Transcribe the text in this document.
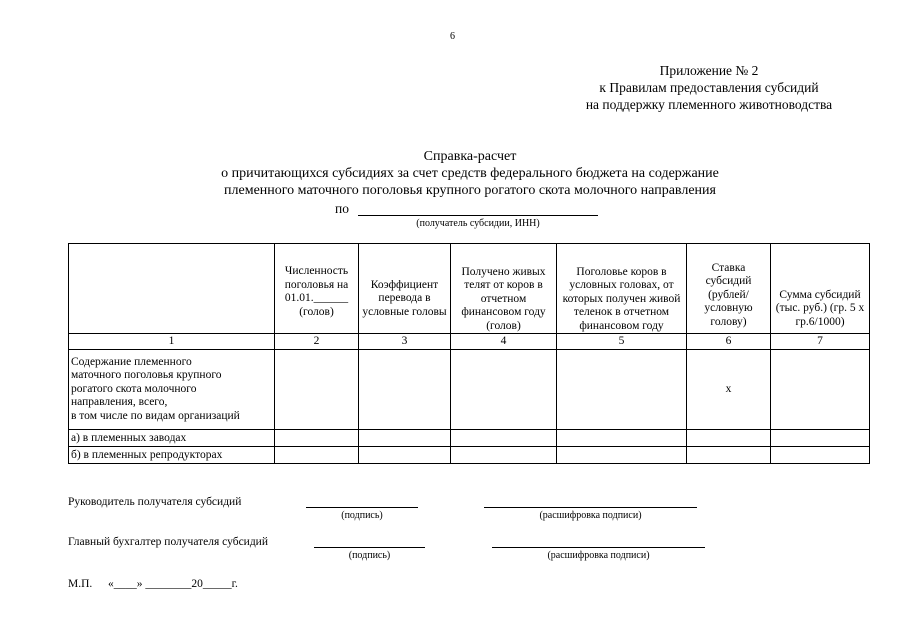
6
Приложение № 2
к Правилам предоставления субсидий
на поддержку племенного животноводства
Справка-расчет
о причитающихся субсидиях за счет средств федерального бюджета на содержание
племенного маточного поголовья крупного рогатого скота молочного направления
по
(получатель субсидии, ИНН)
	Численность поголовья на 01.01.______ (голов)	Коэффициент перевода в условные головы	Получено живых телят от коров в отчетном финансовом году (голов)	Поголовье коров в условных головах, от которых получен живой теленок в отчетном финансовом году	Ставка субсидий (рублей/ условную голову)	Сумма субсидий (тыс. руб.) (гр. 5 х гр.6/1000)
1	2	3	4	5	6	7

Содержание племенного
маточного поголовья крупного
рогатого скота молочного
направления, всего,
в том числе по видам организаций					х	
а) в племенных заводах						
б) в племенных репродукторах						
Руководитель получателя субсидий
(подпись)	(расшифровка подписи)
Главный бухгалтер получателя субсидий
(подпись)	(расшифровка подписи)
М.П. «____» ________20_____г.
